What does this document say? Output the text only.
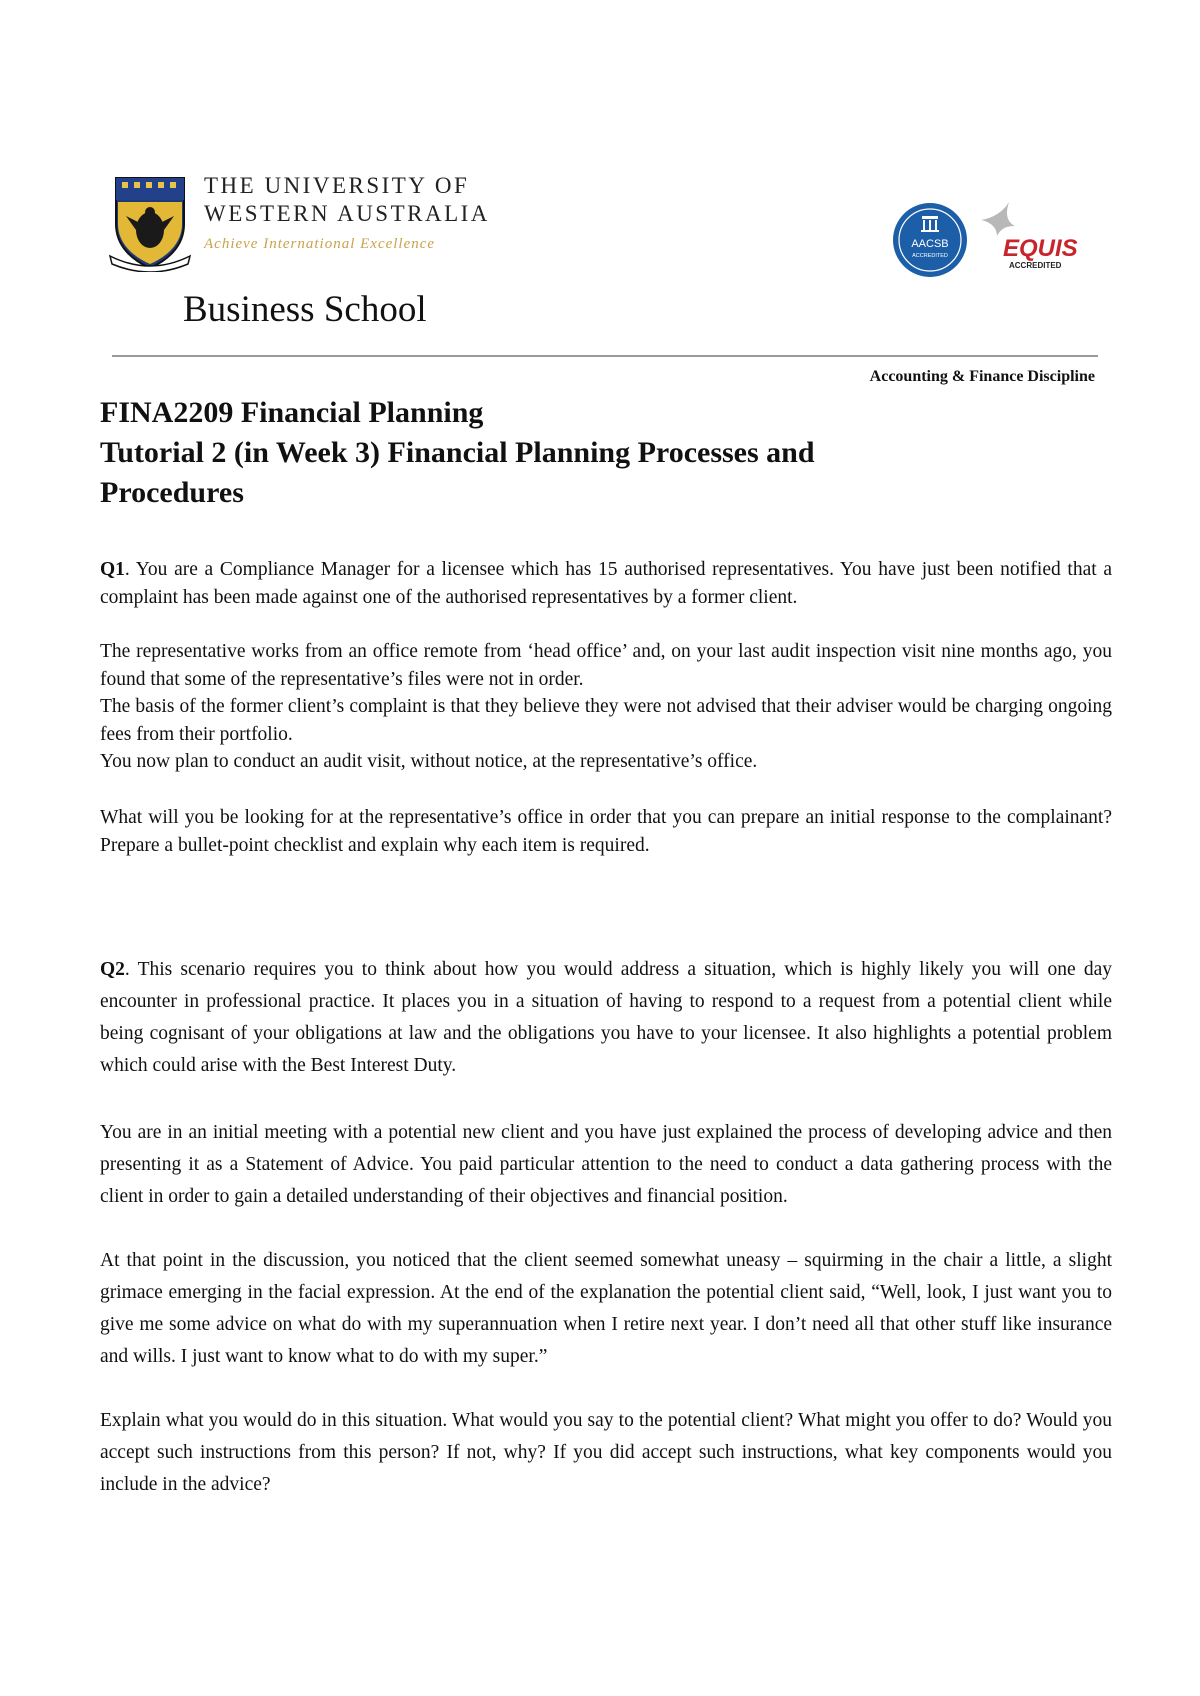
THE UNIVERSITY OF
WESTERN AUSTRALIA
Achieve International Excellence
Business School
AACSB
ACCREDITED EQUIS
ACCREDITED
Accounting & Finance Discipline
FINA2209 Financial Planning
Tutorial 2 (in Week 3) Financial Planning Processes and
Procedures
Q1. You are a Compliance Manager for a licensee which has 15 authorised representatives. You have just been notified that a complaint has been made against one of the authorised representatives by a former client.
The representative works from an office remote from ‘head office’ and, on your last audit inspection visit nine months ago, you found that some of the representative’s files were not in order.
The basis of the former client’s complaint is that they believe they were not advised that their adviser would be charging ongoing fees from their portfolio.
You now plan to conduct an audit visit, without notice, at the representative’s office.
What will you be looking for at the representative’s office in order that you can prepare an initial response to the complainant? Prepare a bullet-point checklist and explain why each item is required.
Q2. This scenario requires you to think about how you would address a situation, which is highly likely you will one day encounter in professional practice. It places you in a situation of having to respond to a request from a potential client while being cognisant of your obligations at law and the obligations you have to your licensee. It also highlights a potential problem which could arise with the Best Interest Duty.
You are in an initial meeting with a potential new client and you have just explained the process of developing advice and then presenting it as a Statement of Advice. You paid particular attention to the need to conduct a data gathering process with the client in order to gain a detailed understanding of their objectives and financial position.
At that point in the discussion, you noticed that the client seemed somewhat uneasy – squirming in the chair a little, a slight grimace emerging in the facial expression. At the end of the explanation the potential client said, “Well, look, I just want you to give me some advice on what do with my superannuation when I retire next year. I don’t need all that other stuff like insurance and wills. I just want to know what to do with my super.”
Explain what you would do in this situation. What would you say to the potential client? What might you offer to do? Would you accept such instructions from this person? If not, why? If you did accept such instructions, what key components would you include in the advice?
